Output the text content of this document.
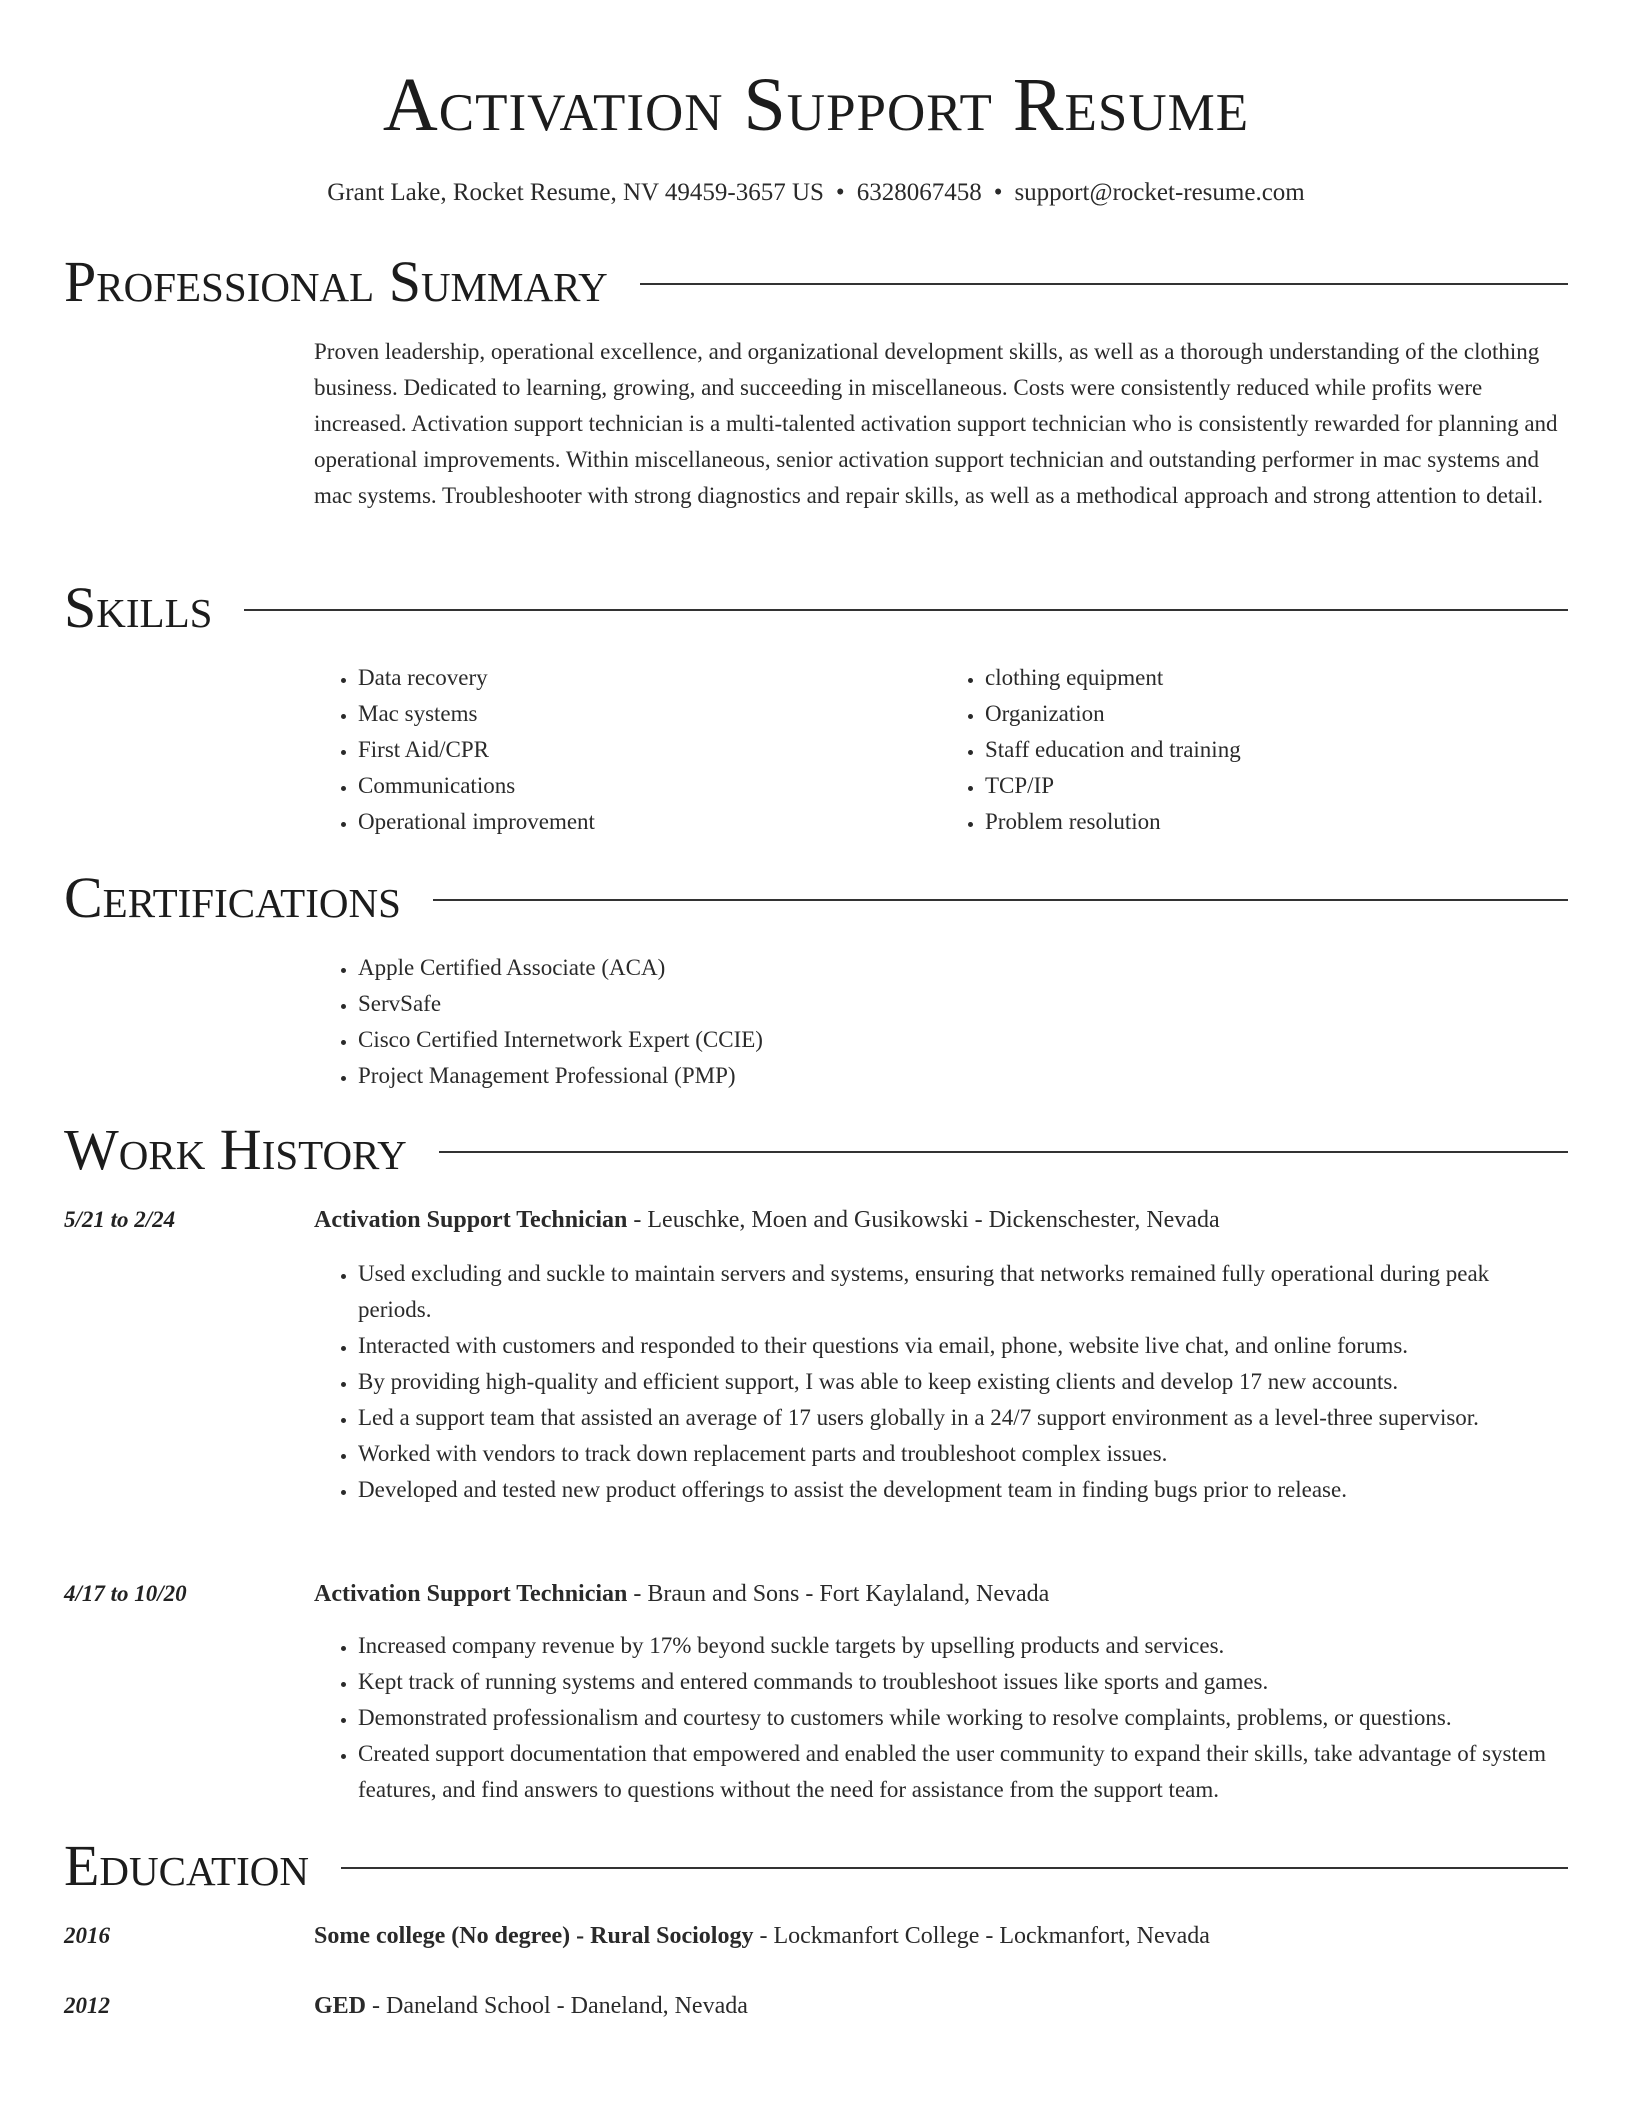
Activation Support Resume
Grant Lake, Rocket Resume, NV 49459-3657 US • 6328067458 • support@rocket-resume.com
Professional Summary
Proven leadership, operational excellence, and organizational development skills, as well as a thorough understanding of the clothing business. Dedicated to learning, growing, and succeeding in miscellaneous. Costs were consistently reduced while profits were increased. Activation support technician is a multi-talented activation support technician who is consistently rewarded for planning and operational improvements. Within miscellaneous, senior activation support technician and outstanding performer in mac systems and mac systems. Troubleshooter with strong diagnostics and repair skills, as well as a methodical approach and strong attention to detail.
Skills
• Data recovery
• Mac systems
• First Aid/CPR
• Communications
• Operational improvement
• clothing equipment
• Organization
• Staff education and training
• TCP/IP
• Problem resolution
Certifications
• Apple Certified Associate (ACA)
• ServSafe
• Cisco Certified Internetwork Expert (CCIE)
• Project Management Professional (PMP)
Work History
5/21 to 2/24	Activation Support Technician - Leuschke, Moen and Gusikowski - Dickenschester, Nevada
• Used excluding and suckle to maintain servers and systems, ensuring that networks remained fully operational during peak periods.
• Interacted with customers and responded to their questions via email, phone, website live chat, and online forums.
• By providing high-quality and efficient support, I was able to keep existing clients and develop 17 new accounts.
• Led a support team that assisted an average of 17 users globally in a 24/7 support environment as a level-three supervisor.
• Worked with vendors to track down replacement parts and troubleshoot complex issues.
• Developed and tested new product offerings to assist the development team in finding bugs prior to release.
4/17 to 10/20	Activation Support Technician - Braun and Sons - Fort Kaylaland, Nevada
• Increased company revenue by 17% beyond suckle targets by upselling products and services.
• Kept track of running systems and entered commands to troubleshoot issues like sports and games.
• Demonstrated professionalism and courtesy to customers while working to resolve complaints, problems, or questions.
• Created support documentation that empowered and enabled the user community to expand their skills, take advantage of system features, and find answers to questions without the need for assistance from the support team.
Education
2016	Some college (No degree) - Rural Sociology - Lockmanfort College - Lockmanfort, Nevada
2012	GED - Daneland School - Daneland, Nevada
